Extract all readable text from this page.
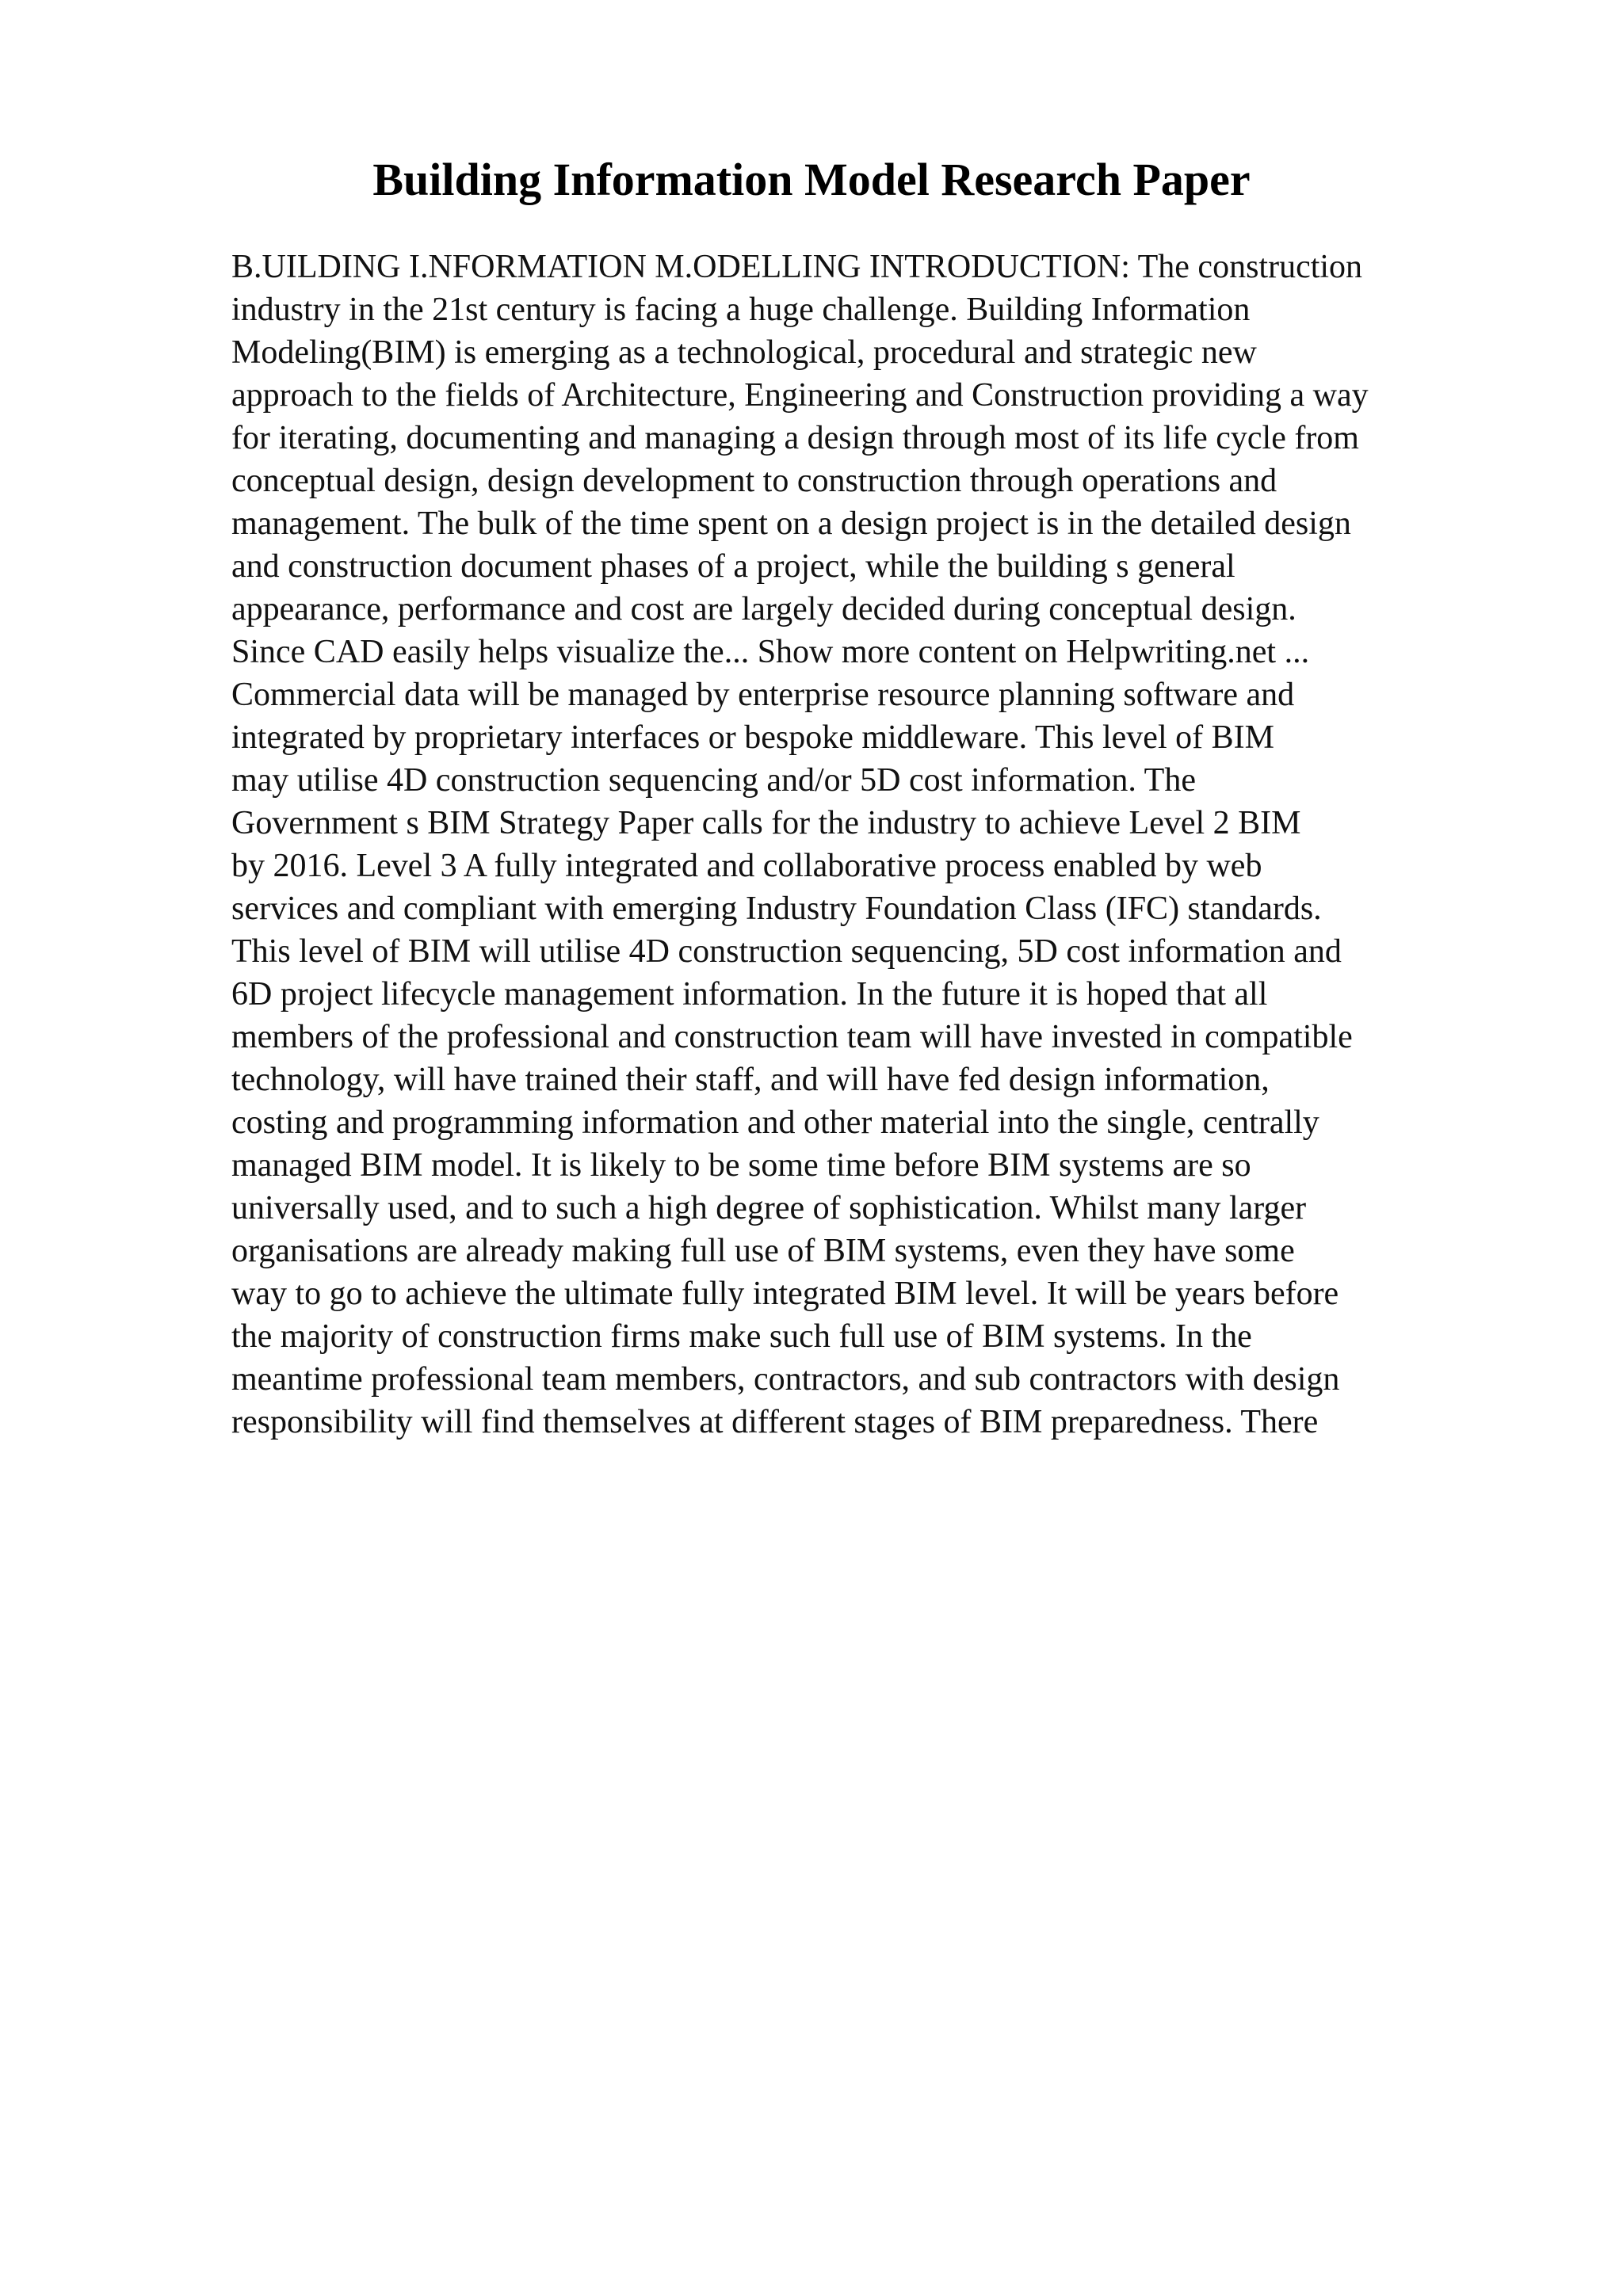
Building Information Model Research Paper
B.UILDING I.NFORMATION M.ODELLING INTRODUCTION: The construction
industry in the 21st century is facing a huge challenge. Building Information
Modeling(BIM) is emerging as a technological, procedural and strategic new
approach to the fields of Architecture, Engineering and Construction providing a way
for iterating, documenting and managing a design through most of its life cycle from
conceptual design, design development to construction through operations and
management. The bulk of the time spent on a design project is in the detailed design
and construction document phases of a project, while the building s general
appearance, performance and cost are largely decided during conceptual design.
Since CAD easily helps visualize the... Show more content on Helpwriting.net ...
Commercial data will be managed by enterprise resource planning software and
integrated by proprietary interfaces or bespoke middleware. This level of BIM
may utilise 4D construction sequencing and/or 5D cost information. The
Government s BIM Strategy Paper calls for the industry to achieve Level 2 BIM
by 2016. Level 3 A fully integrated and collaborative process enabled by web
services and compliant with emerging Industry Foundation Class (IFC) standards.
This level of BIM will utilise 4D construction sequencing, 5D cost information and
6D project lifecycle management information. In the future it is hoped that all
members of the professional and construction team will have invested in compatible
technology, will have trained their staff, and will have fed design information,
costing and programming information and other material into the single, centrally
managed BIM model. It is likely to be some time before BIM systems are so
universally used, and to such a high degree of sophistication. Whilst many larger
organisations are already making full use of BIM systems, even they have some
way to go to achieve the ultimate fully integrated BIM level. It will be years before
the majority of construction firms make such full use of BIM systems. In the
meantime professional team members, contractors, and sub contractors with design
responsibility will find themselves at different stages of BIM preparedness. There
